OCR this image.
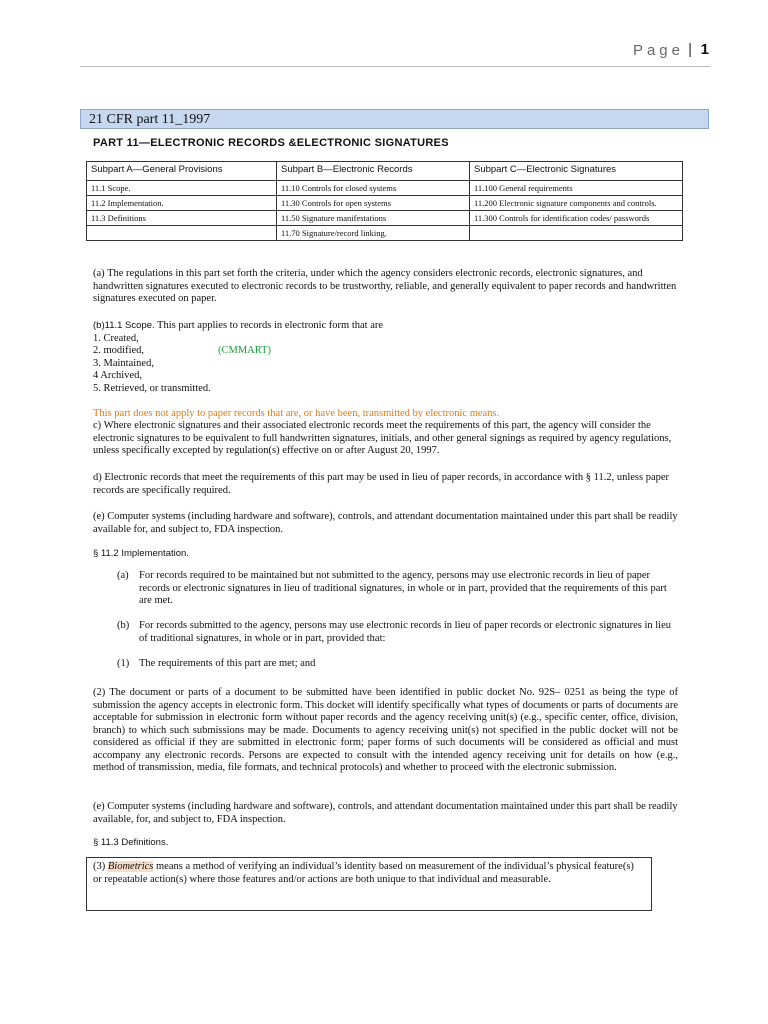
Page | 1
21 CFR part 11_1997
PART 11—ELECTRONIC RECORDS &ELECTRONIC SIGNATURES
Subpart A—General Provisions	Subpart B—Electronic Records	Subpart C—Electronic Signatures
11.1 Scope.	11.10 Controls for closed systems	11.100 General requirements
11.2 Implementation.	11.30 Controls for open systems	11.200 Electronic signature components and controls.
11.3 Definitions	11.50 Signature manifestations	11.300 Controls for identification codes/ passwords
	11.70 Signature/record linking.	
(a) The regulations in this part set forth the criteria, under which the agency considers electronic records, electronic signatures, and handwritten signatures executed to electronic records to be trustworthy, reliable, and generally equivalent to paper records and handwritten signatures executed on paper.
(b)11.1 Scope. This part applies to records in electronic form that are
1. Created,
2. modified,	(CMMART)
3. Maintained,
4 Archived,
5. Retrieved, or transmitted.
This part does not apply to paper records that are, or have been, transmitted by electronic means.
c) Where electronic signatures and their associated electronic records meet the requirements of this part, the agency will consider the electronic signatures to be equivalent to full handwritten signatures, initials, and other general signings as required by agency regulations, unless specifically excepted by regulation(s) effective on or after August 20, 1997.
d) Electronic records that meet the requirements of this part may be used in lieu of paper records, in accordance with § 11.2, unless paper records are specifically required.
(e) Computer systems (including hardware and software), controls, and attendant documentation maintained under this part shall be readily available for, and subject to, FDA inspection.
§ 11.2 Implementation.
(a) For records required to be maintained but not submitted to the agency, persons may use electronic records in lieu of paper records or electronic signatures in lieu of traditional signatures, in whole or in part, provided that the requirements of this part are met.
(b) For records submitted to the agency, persons may use electronic records in lieu of paper records or electronic signatures in lieu of traditional signatures, in whole or in part, provided that:
(1) The requirements of this part are met; and
(2) The document or parts of a document to be submitted have been identified in public docket No. 92S– 0251 as being the type of submission the agency accepts in electronic form. This docket will identify specifically what types of documents or parts of documents are acceptable for submission in electronic form without paper records and the agency receiving unit(s) (e.g., specific center, office, division, branch) to which such submissions may be made. Documents to agency receiving unit(s) not specified in the public docket will not be considered as official if they are submitted in electronic form; paper forms of such documents will be considered as official and must accompany any electronic records. Persons are expected to consult with the intended agency receiving unit for details on how (e.g., method of transmission, media, file formats, and technical protocols) and whether to proceed with the electronic submission.
(e) Computer systems (including hardware and software), controls, and attendant documentation maintained under this part shall be readily available, for, and subject to, FDA inspection.
§ 11.3 Definitions.
(3) Biometrics means a method of verifying an individual’s identity based on measurement of the individual’s physical feature(s) or repeatable action(s) where those features and/or actions are both unique to that individual and measurable.
